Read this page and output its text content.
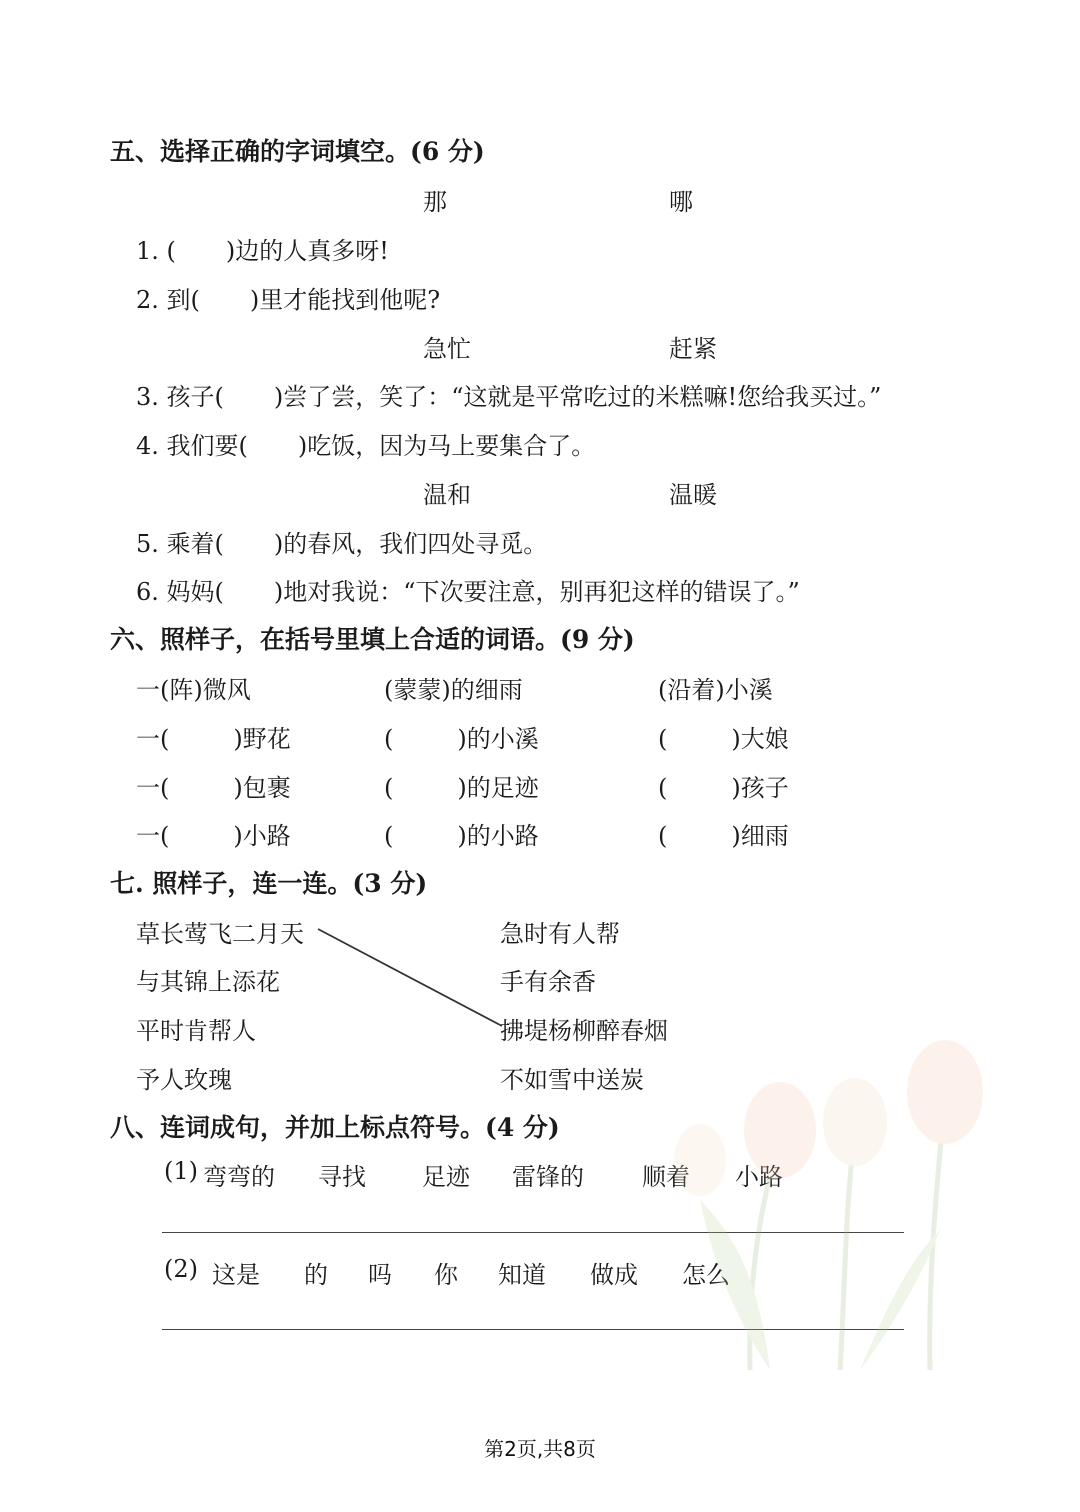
五、选择正确的字词填空。(6 分)
那	哪
1. ( )边的人真多呀!
2. 到( )里才能找到他呢?
急忙	赶紧
3. 孩子( )尝了尝，笑了：“这就是平常吃过的米糕嘛!您给我买过。”
4. 我们要( )吃饭，因为马上要集合了。
温和	温暖
5. 乘着( )的春风，我们四处寻觅。
6. 妈妈( )地对我说：“下次要注意，别再犯这样的错误了。”
六、照样子，在括号里填上合适的词语。(9 分)
一(阵)微风	(蒙蒙)的细雨	(沿着)小溪
一(	)野花	(	)的小溪	(	)大娘
一(	)包裹	(	)的足迹	(	)孩子
一(	)小路	(	)的小路	(	)细雨
七. 照样子，连一连。(3 分)
草长莺飞二月天
与其锦上添花
平时肯帮人
予人玫瑰
急时有人帮
手有余香
拂堤杨柳醉春烟
不如雪中送炭
八、连词成句，并加上标点符号。(4 分)
(1) 弯弯的 寻找 足迹 雷锋的 顺着 小路
(2) 这是 的 吗 你 知道 做成 怎么
第2页,共8页
